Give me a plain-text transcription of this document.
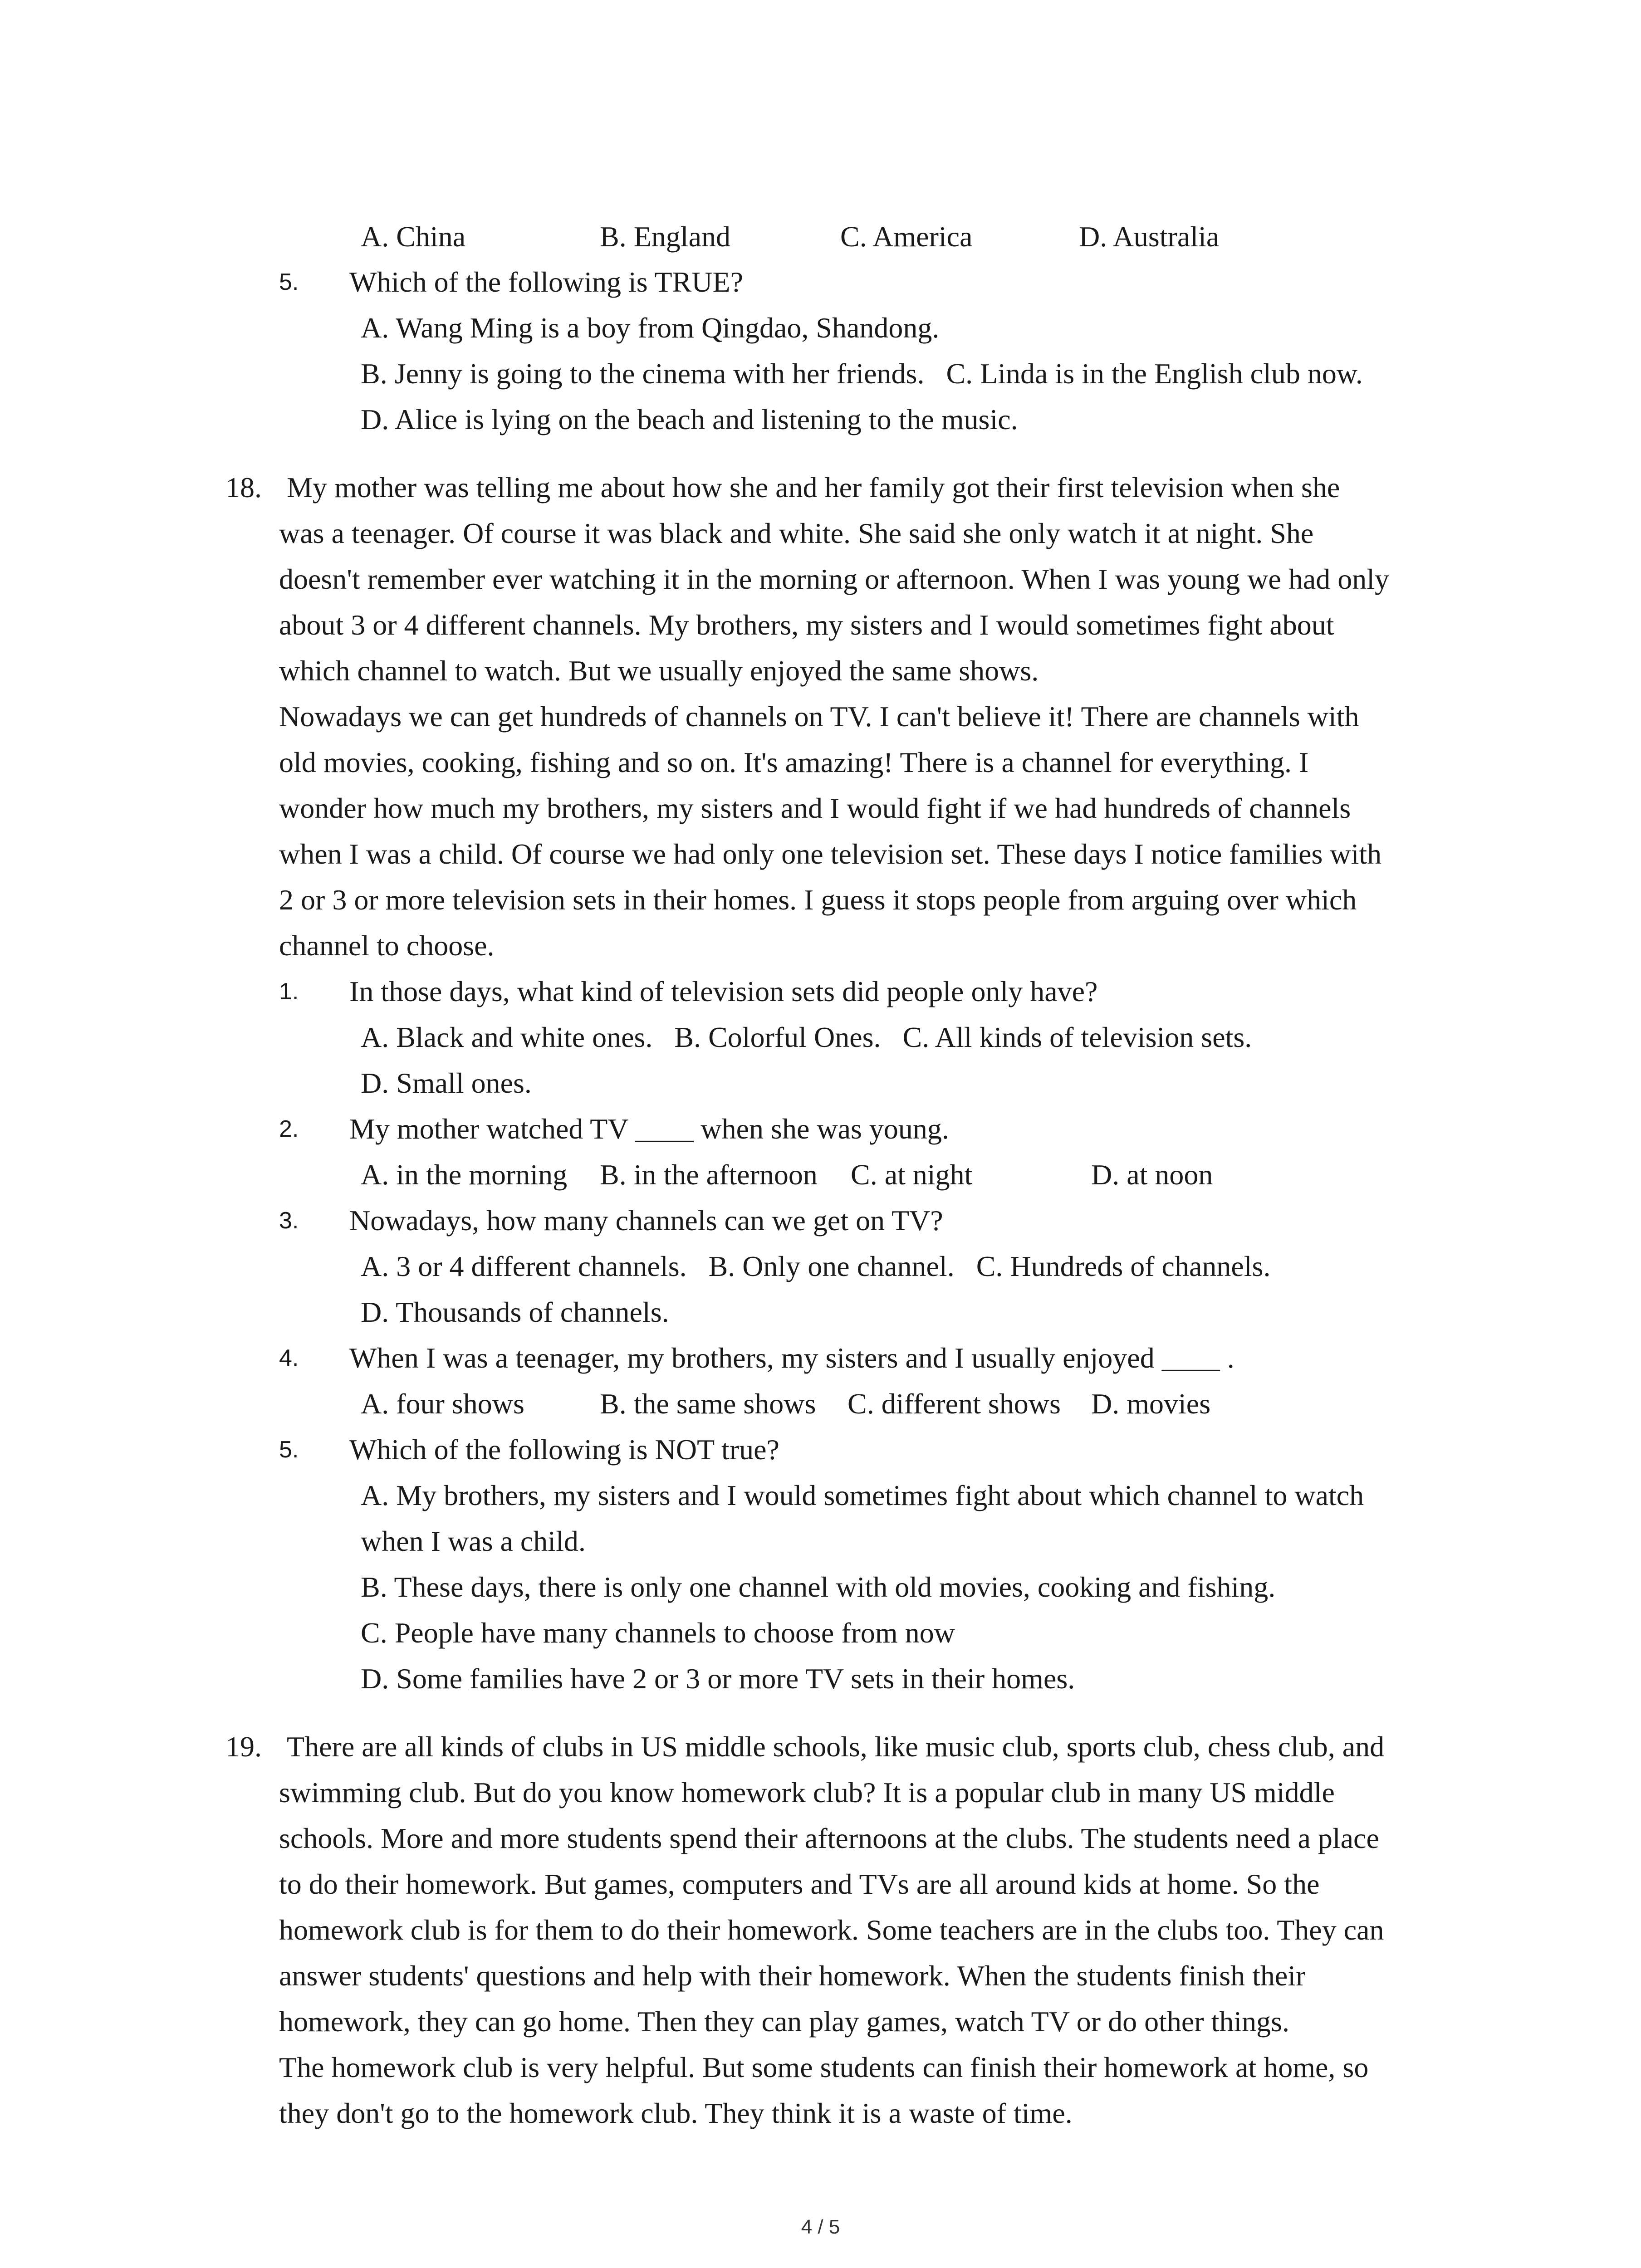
A. China	B. England	C. America	D. Australia
5. Which of the following is TRUE?
A. Wang Ming is a boy from Qingdao, Shandong.
B. Jenny is going to the cinema with her friends.   C. Linda is in the English club now.
D. Alice is lying on the beach and listening to the music.
18. My mother was telling me about how she and her family got their first television when she
was a teenager. Of course it was black and white. She said she only watch it at night. She
doesn't remember ever watching it in the morning or afternoon. When I was young we had only
about 3 or 4 different channels. My brothers, my sisters and I would sometimes fight about
which channel to watch. But we usually enjoyed the same shows.
Nowadays we can get hundreds of channels on TV. I can't believe it! There are channels with
old movies, cooking, fishing and so on. It's amazing! There is a channel for everything. I
wonder how much my brothers, my sisters and I would fight if we had hundreds of channels
when I was a child. Of course we had only one television set. These days I notice families with
2 or 3 or more television sets in their homes. I guess it stops people from arguing over which
channel to choose.
1. In those days, what kind of television sets did people only have?
A. Black and white ones.   B. Colorful Ones.   C. All kinds of television sets.
D. Small ones.
2. My mother watched TV ____ when she was young.
A. in the morning B. in the afternoon C. at night	D. at noon
3. Nowadays, how many channels can we get on TV?
A. 3 or 4 different channels.   B. Only one channel.   C. Hundreds of channels.
D. Thousands of channels.
4. When I was a teenager, my brothers, my sisters and I usually enjoyed ____ .
A. four shows	B. the same shows C. different shows D. movies
5. Which of the following is NOT true?
A. My brothers, my sisters and I would sometimes fight about which channel to watch
when I was a child.
B. These days, there is only one channel with old movies, cooking and fishing.
C. People have many channels to choose from now
D. Some families have 2 or 3 or more TV sets in their homes.
19. There are all kinds of clubs in US middle schools, like music club, sports club, chess club, and
swimming club. But do you know homework club? It is a popular club in many US middle
schools. More and more students spend their afternoons at the clubs. The students need a place
to do their homework. But games, computers and TVs are all around kids at home. So the
homework club is for them to do their homework. Some teachers are in the clubs too. They can
answer students' questions and help with their homework. When the students finish their
homework, they can go home. Then they can play games, watch TV or do other things.
The homework club is very helpful. But some students can finish their homework at home, so
they don't go to the homework club. They think it is a waste of time.
4 / 5
